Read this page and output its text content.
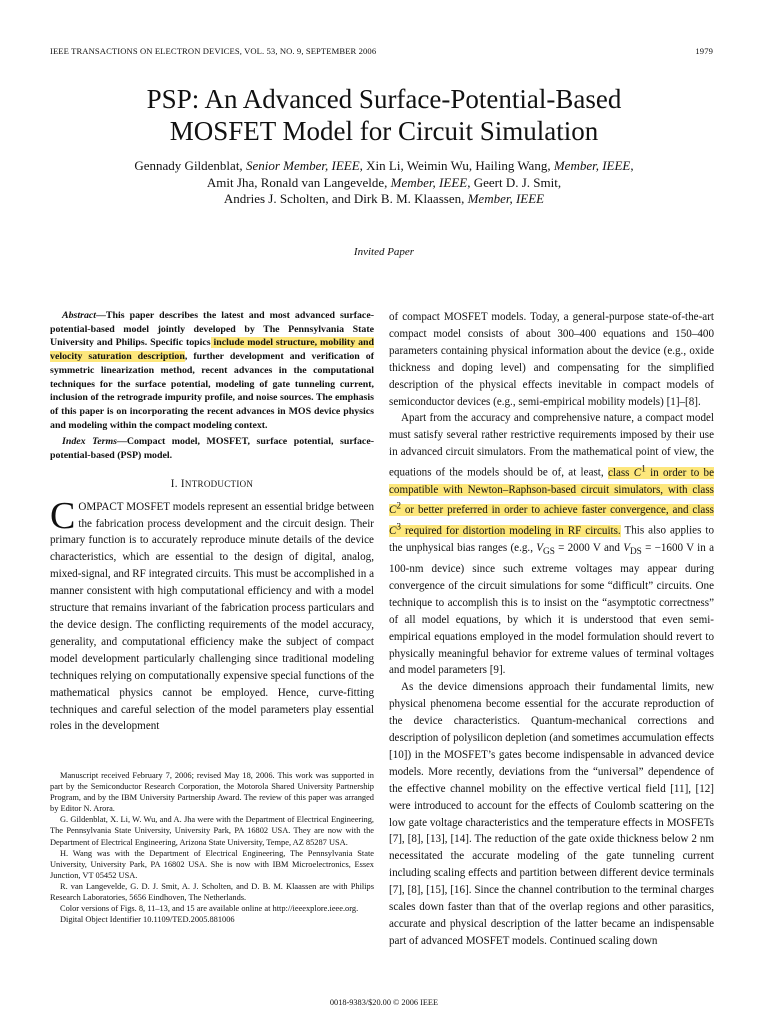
IEEE TRANSACTIONS ON ELECTRON DEVICES, VOL. 53, NO. 9, SEPTEMBER 2006	1979
PSP: An Advanced Surface-Potential-Based
MOSFET Model for Circuit Simulation
Gennady Gildenblat, Senior Member, IEEE, Xin Li, Weimin Wu, Hailing Wang, Member, IEEE,
Amit Jha, Ronald van Langevelde, Member, IEEE, Geert D. J. Smit,
Andries J. Scholten, and Dirk B. M. Klaassen, Member, IEEE
Invited Paper

Abstract—This paper describes the latest and most advanced surface-potential-based model jointly developed by The Pennsylvania State University and Philips. Specific topics include model structure, mobility and velocity saturation description, further development and verification of symmetric linearization method, recent advances in the computational techniques for the surface potential, modeling of gate tunneling current, inclusion of the retrograde impurity profile, and noise sources. The emphasis of this paper is on incorporating the recent advances in MOS device physics and modeling within the compact modeling context.

Index Terms—Compact model, MOSFET, surface potential, surface-potential-based (PSP) model.

I. INTRODUCTION

COMPACT MOSFET models represent an essential bridge between the fabrication process development and the circuit design. Their primary function is to accurately reproduce minute details of the device characteristics, which are essential to the design of digital, analog, mixed-signal, and RF integrated circuits. This must be accomplished in a manner consistent with high computational efficiency and with a model structure that remains invariant of the fabrication process particulars and the device design. The conflicting requirements of the model accuracy, generality, and computational efficiency make the subject of compact model development particularly challenging since traditional modeling techniques relying on computationally expensive special functions of the mathematical physics cannot be employed. Hence, curve-fitting techniques and careful selection of the model parameters play essential roles in the development

Manuscript received February 7, 2006; revised May 18, 2006. This work was supported in part by the Semiconductor Research Corporation, the Motorola Shared University Partnership Program, and by the IBM University Partnership Award. The review of this paper was arranged by Editor N. Arora.

G. Gildenblat, X. Li, W. Wu, and A. Jha were with the Department of Electrical Engineering, The Pennsylvania State University, University Park, PA 16802 USA. They are now with the Department of Electrical Engineering, Arizona State University, Tempe, AZ 85287 USA.

H. Wang was with the Department of Electrical Engineering, The Pennsylvania State University, University Park, PA 16802 USA. She is now with IBM Microelectronics, Essex Junction, VT 05452 USA.

R. van Langevelde, G. D. J. Smit, A. J. Scholten, and D. B. M. Klaassen are with Philips Research Laboratories, 5656 Eindhoven, The Netherlands.

Color versions of Figs. 8, 11–13, and 15 are available online at http://ieeexplore.ieee.org.

Digital Object Identifier 10.1109/TED.2005.881006

of compact MOSFET models. Today, a general-purpose state-of-the-art compact model consists of about 300–400 equations and 150–400 parameters containing physical information about the device (e.g., oxide thickness and doping level) and compensating for the simplified description of the physical effects inevitable in compact models of semiconductor devices (e.g., semi-empirical mobility models) [1]–[8].

Apart from the accuracy and comprehensive nature, a compact model must satisfy several rather restrictive requirements imposed by their use in advanced circuit simulators. From the mathematical point of view, the equations of the models should be of, at least, class $C^1$ in order to be compatible with Newton–Raphson-based circuit simulators, with class $C^2$ or better preferred in order to achieve faster convergence, and class $C^3$ required for distortion modeling in RF circuits. This also applies to the unphysical bias ranges (e.g., $V_{GS} = 2000$ V and $V_{DS} = -1600$ V in a 100-nm device) since such extreme voltages may appear during convergence of the circuit simulations for some “difficult” circuits. One technique to accomplish this is to insist on the “asymptotic correctness” of all model equations, by which it is understood that even semi-empirical equations employed in the model formulation should revert to physically meaningful behavior for extreme values of terminal voltages and model parameters [9].

As the device dimensions approach their fundamental limits, new physical phenomena become essential for the accurate reproduction of the device characteristics. Quantum-mechanical corrections and description of polysilicon depletion (and sometimes accumulation effects [10]) in the MOSFET’s gates become indispensable in advanced device models. More recently, deviations from the “universal” dependence of the effective channel mobility on the effective vertical field [11], [12] were introduced to account for the effects of Coulomb scattering on the low gate voltage characteristics and the temperature effects in MOSFETs [7], [8], [13], [14]. The reduction of the gate oxide thickness below 2 nm necessitated the accurate modeling of the gate tunneling current including scaling effects and partition between different device terminals [7], [8], [15], [16]. Since the channel contribution to the terminal charges scales down faster than that of the overlap regions and other parasitics, accurate and physical description of the latter became an indispensable part of advanced MOSFET models. Continued scaling down

0018-9383/$20.00 © 2006 IEEE
